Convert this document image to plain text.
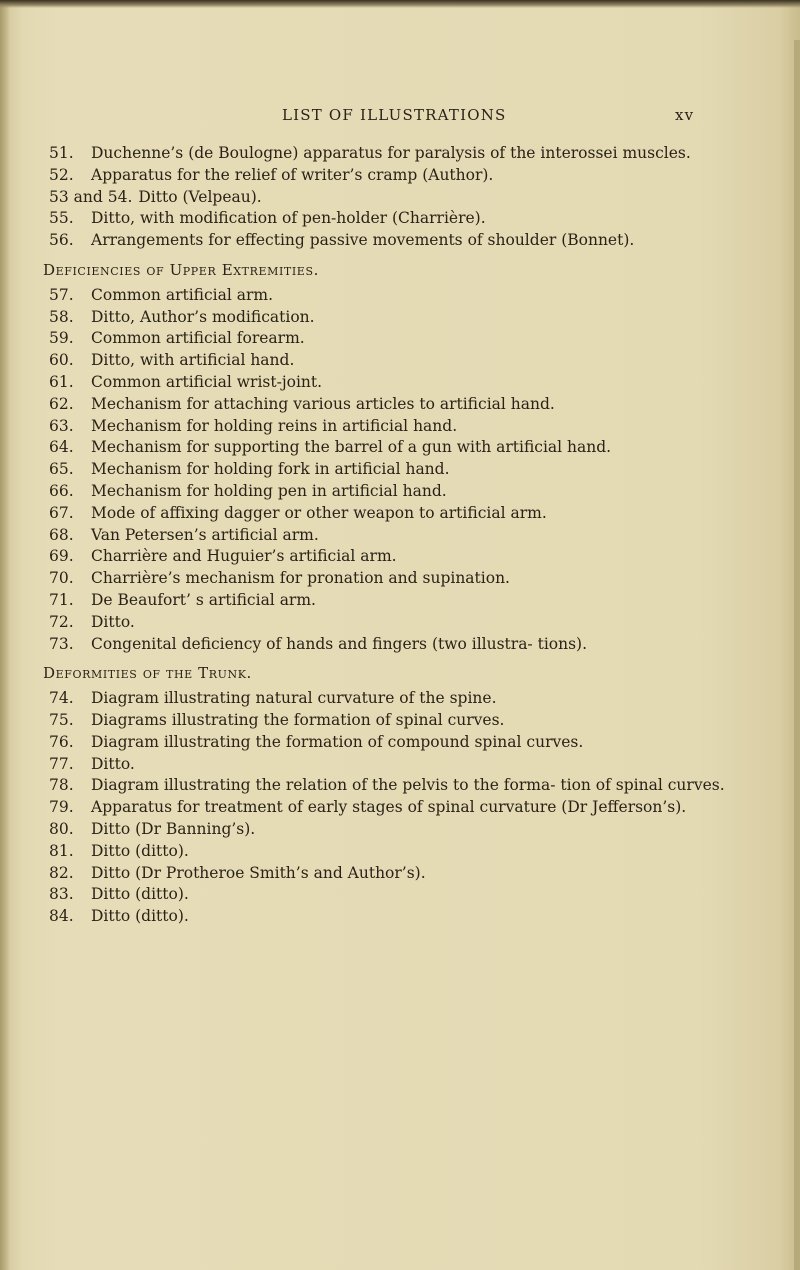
LIST OF ILLUSTRATIONS	xv
51.	Duchenne’s (de Boulogne) apparatus for paralysis of the interossei muscles.
52.	Apparatus for the relief of writer’s cramp (Author).
53 and 54. Ditto (Velpeau).
55.	Ditto, with modification of pen-holder (Charrière).
56.	Arrangements for effecting passive movements of shoulder (Bonnet).
Deficiencies of Upper Extremities.
57.	Common artificial arm.
58.	Ditto, Author’s modification.
59.	Common artificial forearm.
60.	Ditto, with artificial hand.
61.	Common artificial wrist-joint.
62.	Mechanism for attaching various articles to artificial hand.
63.	Mechanism for holding reins in artificial hand.
64.	Mechanism for supporting the barrel of a gun with artificial hand.
65.	Mechanism for holding fork in artificial hand.
66.	Mechanism for holding pen in artificial hand.
67.	Mode of affixing dagger or other weapon to artificial arm.
68.	Van Petersen’s artificial arm.
69.	Charrière and Huguier’s artificial arm.
70.	Charrière’s mechanism for pronation and supination.
71.	De Beaufort’ s artificial arm.
72.	Ditto.
73.	Congenital deficiency of hands and fingers (two illustra- tions).
Deformities of the Trunk.
74.	Diagram illustrating natural curvature of the spine.
75.	Diagrams illustrating the formation of spinal curves.
76.	Diagram illustrating the formation of compound spinal curves.
77.	Ditto.
78.	Diagram illustrating the relation of the pelvis to the forma- tion of spinal curves.
79.	Apparatus for treatment of early stages of spinal curvature (Dr Jefferson’s).
80.	Ditto (Dr Banning’s).
81.	Ditto (ditto).
82.	Ditto (Dr Protheroe Smith’s and Author’s).
83.	Ditto (ditto).
84.	Ditto (ditto).
